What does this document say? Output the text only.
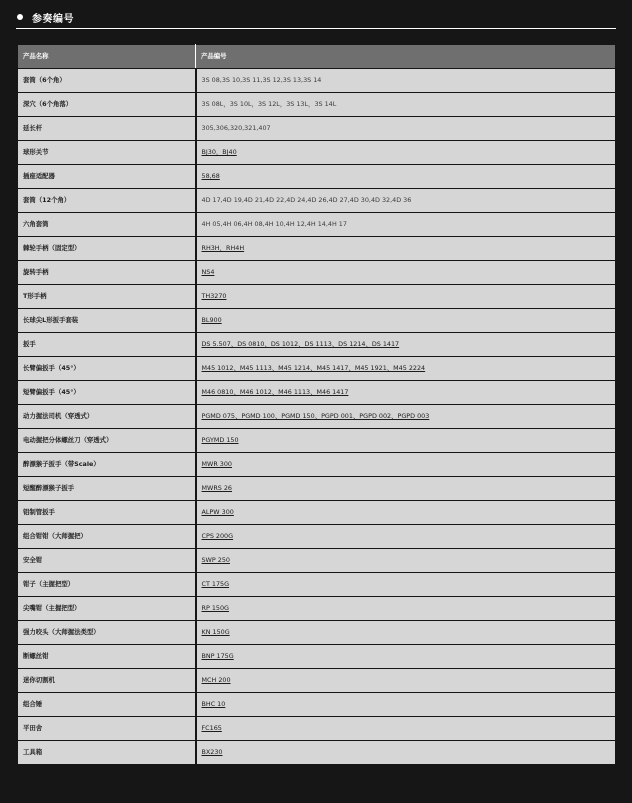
参奏编号
产品名称	产品编号
套筒（6个角）	3S 08,3S 10,3S 11,3S 12,3S 13,3S 14
深穴（6个角落）	3S 08L，3S 10L，3S 12L，3S 13L，3S 14L
延长杆	305,306,320,321,407
球形关节	BJ30，BJ40
插座适配器	58,68
套筒（12个角）	4D 17,4D 19,4D 21,4D 22,4D 24,4D 26,4D 27,4D 30,4D 32,4D 36
六角套筒	4H 05,4H 06,4H 08,4H 10,4H 12,4H 14,4H 17
棘轮手柄（固定型）	RH3H，RH4H
旋转手柄	NS4
T形手柄	TH3270
长球尖L形扳手套装	BL900
扳手	DS 5.507、DS 0810、DS 1012、DS 1113、DS 1214、DS 1417
长臂偏扳手（45°）	M45 1012、M45 1113、M45 1214、M45 1417、M45 1921、M45 2224
短臂偏扳手（45°）	M46 0810、M46 1012、M46 1113、M46 1417
动力握法司机（穿透式）	PGMD 075、PGMD 100、PGMD 150、PGPD 001、PGPD 002、PGPD 003
电动握把分体螺丝刀（穿透式）	PGYMD 150
醉漂猴子扳手（带Scale）	MWR 300
短醒醉漂猴子扳手	MWRS 26
铝制管扳手	ALPW 300
组合钳钳（大师握把）	CPS 200G
安全钳	SWP 250
钳子（主握把型）	CT 175G
尖嘴钳（主握把型）	RP 150G
强力咬头（大师握法类型）	KN 150G
断螺丝钳	BNP 175G
迷你切割机	MCH 200
组合锤	BHC 10
平田舍	FC165
工具箱	BX230
